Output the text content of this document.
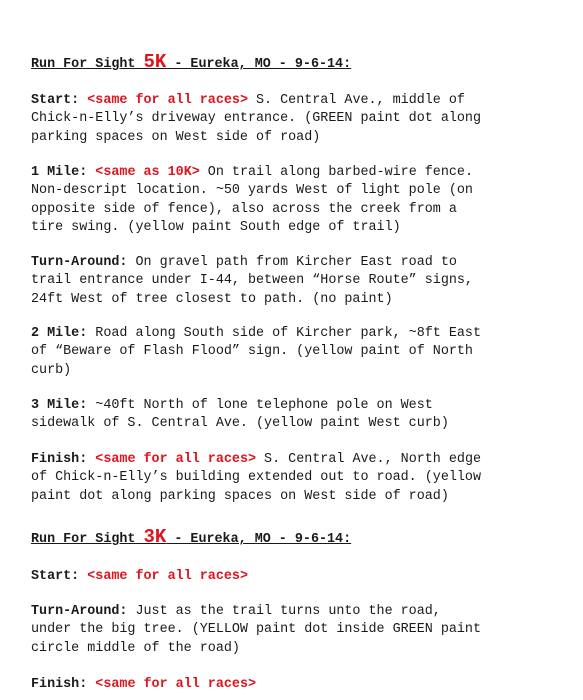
Run For Sight 5K - Eureka, MO - 9-6-14:
Start: <same for all races> S. Central Ave., middle of
Chick-n-Elly’s driveway entrance. (GREEN paint dot along
parking spaces on West side of road)
1 Mile: <same as 10K> On trail along barbed-wire fence.
Non-descript location. ~50 yards West of light pole (on
opposite side of fence), also across the creek from a
tire swing. (yellow paint South edge of trail)
Turn-Around: On gravel path from Kircher East road to
trail entrance under I-44, between “Horse Route” signs,
24ft West of tree closest to path. (no paint)
2 Mile: Road along South side of Kircher park, ~8ft East
of “Beware of Flash Flood” sign. (yellow paint of North
curb)
3 Mile: ~40ft North of lone telephone pole on West
sidewalk of S. Central Ave. (yellow paint West curb)
Finish: <same for all races> S. Central Ave., North edge
of Chick-n-Elly’s building extended out to road. (yellow
paint dot along parking spaces on West side of road)
Run For Sight 3K - Eureka, MO - 9-6-14:
Start: <same for all races>
Turn-Around: Just as the trail turns unto the road,
under the big tree. (YELLOW paint dot inside GREEN paint
circle middle of the road)
Finish: <same for all races>
